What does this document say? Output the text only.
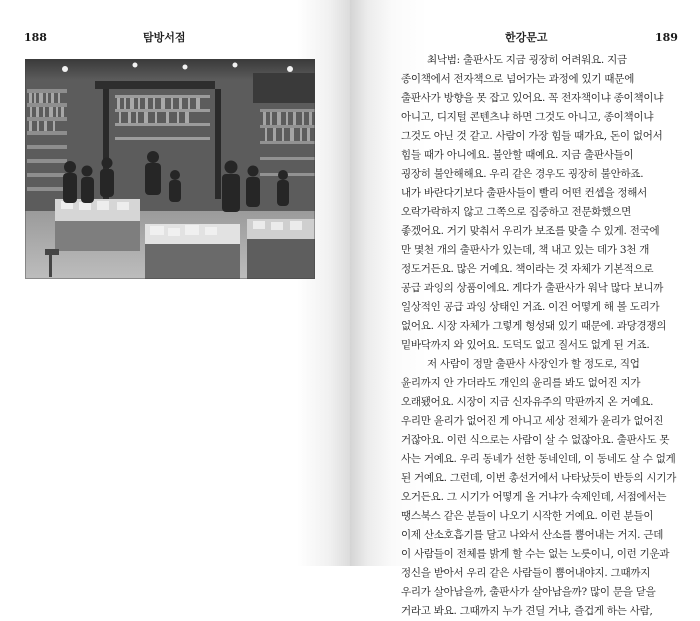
188	탐방서점	한강문고	189
최낙범: 출판사도 지금 굉장히 어려워요. 지금
종이책에서 전자책으로 넘어가는 과정에 있기 때문에
출판사가 방향을 못 잡고 있어요. 꼭 전자책이냐 종이책이냐
아니고, 디지털 콘텐츠냐 하면 그것도 아니고, 종이책이냐
그것도 아닌 것 같고. 사람이 가장 힘들 때가요, 돈이 없어서
힘들 때가 아니에요. 불안할 때예요. 지금 출판사들이
굉장히 불안해해요. 우리 같은 경우도 굉장히 불안하죠.
내가 바란다기보다 출판사들이 빨리 어떤 컨셉을 정해서
오락가락하지 않고 그쪽으로 집중하고 전문화했으면
좋겠어요. 거기 맞춰서 우리가 보조를 맞출 수 있게. 전국에
만 몇천 개의 출판사가 있는데, 책 내고 있는 데가 3천 개
정도거든요. 많은 거예요. 책이라는 것 자체가 기본적으로
공급 과잉의 상품이에요. 게다가 출판사가 워낙 많다 보니까
일상적인 공급 과잉 상태인 거죠. 이건 어떻게 해 볼 도리가
없어요. 시장 자체가 그렇게 형성돼 있기 때문에. 과당경쟁의
밑바닥까지 와 있어요. 도덕도 없고 질서도 없게 된 거죠.
저 사람이 정말 출판사 사장인가 할 정도로, 직업
윤리까지 안 가더라도 개인의 윤리를 봐도 없어진 지가
오래됐어요. 시장이 지금 신자유주의 막판까지 온 거예요.
우리만 윤리가 없어진 게 아니고 세상 전체가 윤리가 없어진
거잖아요. 이런 식으로는 사람이 살 수 없잖아요. 출판사도 못
사는 거예요. 우리 동네가 선한 동네인데, 이 동네도 살 수 없게
된 거예요. 그런데, 이번 총선거에서 나타났듯이 반등의 시기가
오거든요. 그 시기가 어떻게 올 거냐가 숙제인데, 서점에서는
땡스북스 같은 분들이 나오기 시작한 거예요. 이런 분들이
이제 산소호흡기를 달고 나와서 산소를 뿜어내는 거지. 근데
이 사람들이 전체를 밝게 할 수는 없는 노릇이니, 이런 기운과
정신을 받아서 우리 같은 사람들이 뿜어내야지. 그때까지
우리가 살아남을까, 출판사가 살아남을까? 많이 문을 닫을
거라고 봐요. 그때까지 누가 견딜 거냐, 즐겁게 하는 사람,
